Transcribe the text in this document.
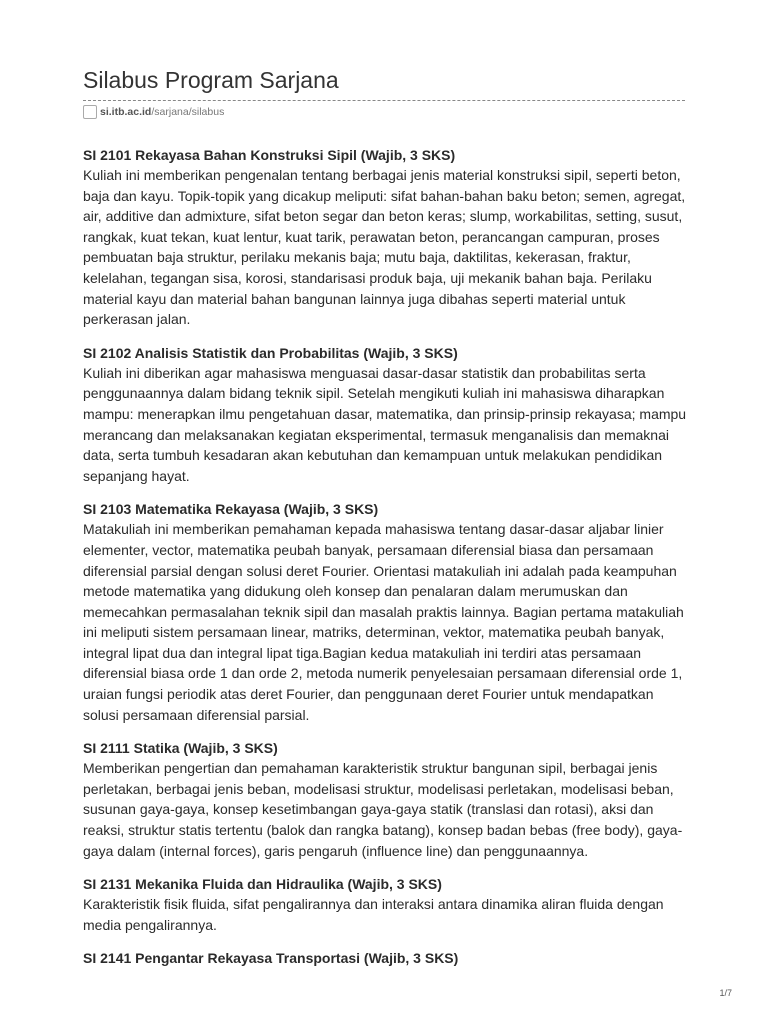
Silabus Program Sarjana
si.itb.ac.id /sarjana/silabus
SI 2101 Rekayasa Bahan Konstruksi Sipil (Wajib, 3 SKS)

Kuliah ini memberikan pengenalan tentang berbagai jenis material konstruksi sipil, seperti beton, baja dan kayu. Topik-topik yang dicakup meliputi: sifat bahan-bahan baku beton; semen, agregat, air, additive dan admixture, sifat beton segar dan beton keras; slump, workabilitas, setting, susut, rangkak, kuat tekan, kuat lentur, kuat tarik, perawatan beton, perancangan campuran, proses pembuatan baja struktur, perilaku mekanis baja; mutu baja, daktilitas, kekerasan, fraktur, kelelahan, tegangan sisa, korosi, standarisasi produk baja, uji mekanik bahan baja. Perilaku material kayu dan material bahan bangunan lainnya juga dibahas seperti material untuk perkerasan jalan.

SI 2102 Analisis Statistik dan Probabilitas (Wajib, 3 SKS)

Kuliah ini diberikan agar mahasiswa menguasai dasar-dasar statistik dan probabilitas serta penggunaannya dalam bidang teknik sipil. Setelah mengikuti kuliah ini mahasiswa diharapkan mampu: menerapkan ilmu pengetahuan dasar, matematika, dan prinsip-prinsip rekayasa; mampu merancang dan melaksanakan kegiatan eksperimental, termasuk menganalisis dan memaknai data, serta tumbuh kesadaran akan kebutuhan dan kemampuan untuk melakukan pendidikan sepanjang hayat.

SI 2103 Matematika Rekayasa (Wajib, 3 SKS)

Matakuliah ini memberikan pemahaman kepada mahasiswa tentang dasar-dasar aljabar linier elementer, vector, matematika peubah banyak, persamaan diferensial biasa dan persamaan diferensial parsial dengan solusi deret Fourier. Orientasi matakuliah ini adalah pada keampuhan metode matematika yang didukung oleh konsep dan penalaran dalam merumuskan dan memecahkan permasalahan teknik sipil dan masalah praktis lainnya. Bagian pertama matakuliah ini meliputi sistem persamaan linear, matriks, determinan, vektor, matematika peubah banyak, integral lipat dua dan integral lipat tiga.Bagian kedua matakuliah ini terdiri atas persamaan diferensial biasa orde 1 dan orde 2, metoda numerik penyelesaian persamaan diferensial orde 1, uraian fungsi periodik atas deret Fourier, dan penggunaan deret Fourier untuk mendapatkan solusi persamaan diferensial parsial.

SI 2111 Statika (Wajib, 3 SKS)

Memberikan pengertian dan pemahaman karakteristik struktur bangunan sipil, berbagai jenis perletakan, berbagai jenis beban, modelisasi struktur, modelisasi perletakan, modelisasi beban, susunan gaya-gaya, konsep kesetimbangan gaya-gaya statik (translasi dan rotasi), aksi dan reaksi, struktur statis tertentu (balok dan rangka batang), konsep badan bebas (free body), gaya-gaya dalam (internal forces), garis pengaruh (influence line) dan penggunaannya.

SI 2131 Mekanika Fluida dan Hidraulika (Wajib, 3 SKS)

Karakteristik fisik fluida, sifat pengalirannya dan interaksi antara dinamika aliran fluida dengan media pengalirannya.

SI 2141 Pengantar Rekayasa Transportasi (Wajib, 3 SKS)

1/7
